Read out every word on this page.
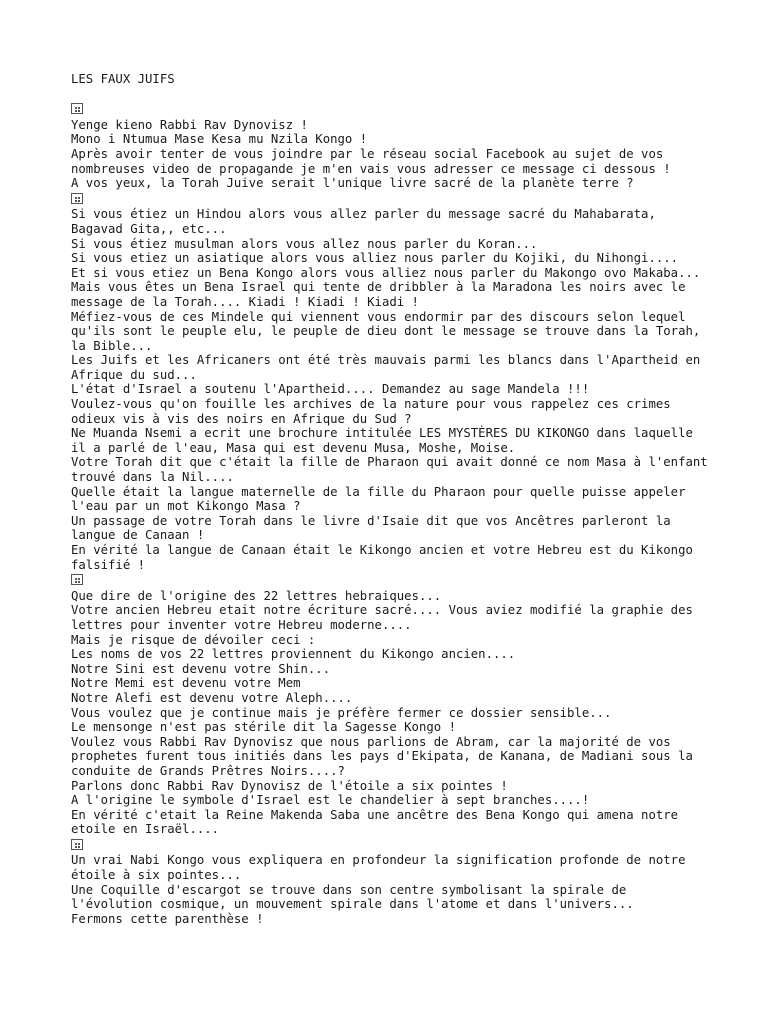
LES FAUX JUIFS
Yenge kieno Rabbi Rav Dynovisz !
Mono i Ntumua Mase Kesa mu Nzila Kongo !
Après avoir tenter de vous joindre par le réseau social Facebook au sujet de vos nombreuses video de propagande je m'en vais vous adresser ce message ci dessous !
A vos yeux, la Torah Juive serait l'unique livre sacré de la planète terre ?
Si vous étiez un Hindou alors vous allez parler du message sacré du Mahabarata, Bagavad Gita,, etc...
Si vous étiez musulman alors vous allez nous parler du Koran...
Si vous etiez un asiatique alors vous alliez nous parler du Kojiki, du Nihongi....
Et si vous etiez un Bena Kongo alors vous alliez nous parler du Makongo ovo Makaba...
Mais vous êtes un Bena Israel qui tente de dribbler à la Maradona les noirs avec le message de la Torah.... Kiadi ! Kiadi ! Kiadi !
Méfiez-vous de ces Mindele qui viennent vous endormir par des discours selon lequel qu'ils sont le peuple elu, le peuple de dieu dont le message se trouve dans la Torah, la Bible...
Les Juifs et les Africaners ont été très mauvais parmi les blancs dans l'Apartheid en Afrique du sud...
L'état d'Israel a soutenu l'Apartheid.... Demandez au sage Mandela !!!
Voulez-vous qu'on fouille les archives de la nature pour vous rappelez ces crimes odieux vis à vis des noirs en Afrique du Sud ?
Ne Muanda Nsemi a ecrit une brochure intitulée LES MYSTÈRES DU KIKONGO dans laquelle il a parlé de l'eau, Masa qui est devenu Musa, Moshe, Moise.
Votre Torah dit que c'était la fille de Pharaon qui avait donné ce nom Masa à l'enfant trouvé dans la Nil....
Quelle était la langue maternelle de la fille du Pharaon pour quelle puisse appeler l'eau par un mot Kikongo Masa ?
Un passage de votre Torah dans le livre d'Isaie dit que vos Ancêtres parleront la langue de Canaan !
En vérité la langue de Canaan était le Kikongo ancien et votre Hebreu est du Kikongo falsifié !
Que dire de l'origine des 22 lettres hebraiques...
Votre ancien Hebreu etait notre écriture sacré.... Vous aviez modifié la graphie des lettres pour inventer votre Hebreu moderne....
Mais je risque de dévoiler ceci :
Les noms de vos 22 lettres proviennent du Kikongo ancien....
Notre Sini est devenu votre Shin...
Notre Memi est devenu votre Mem
Notre Alefi est devenu votre Aleph....
Vous voulez que je continue mais je préfère fermer ce dossier sensible...
Le mensonge n'est pas stérile dit la Sagesse Kongo !
Voulez vous Rabbi Rav Dynovisz que nous parlions de Abram, car la majorité de vos prophetes furent tous initiés dans les pays d'Ekipata, de Kanana, de Madiani sous la conduite de Grands Prêtres Noirs....?
Parlons donc Rabbi Rav Dynovisz de l'étoile a six pointes !
A l'origine le symbole d'Israel est le chandelier à sept branches....!
En vérité c'etait la Reine Makenda Saba une ancêtre des Bena Kongo qui amena notre etoile en Israël....
Un vrai Nabi Kongo vous expliquera en profondeur la signification profonde de notre étoile à six pointes...
Une Coquille d'escargot se trouve dans son centre symbolisant la spirale de l'évolution cosmique, un mouvement spirale dans l'atome et dans l'univers...
Fermons cette parenthèse !
